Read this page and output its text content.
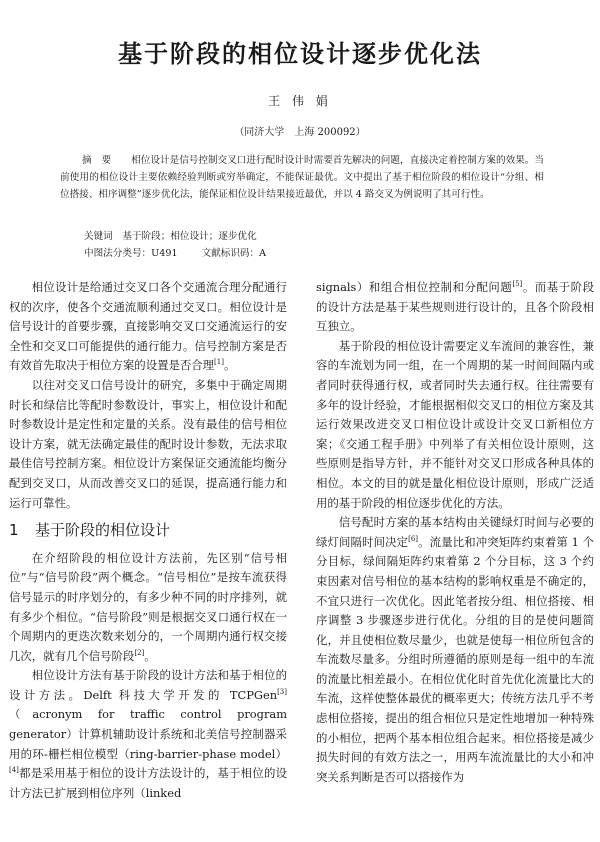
基于阶段的相位设计逐步优化法
王 伟 娟
（同济大学　上海 200092）
摘要 相位设计是信号控制交叉口进行配时设计时需要首先解决的问题，直接决定着控制方案的效果。当前使用的相位设计主要依赖经验判断或穷举确定，不能保证最优。文中提出了基于相位阶段的相位设计“分组、相位搭接、相序调整”逐步优化法，能保证相位设计结果接近最优，并以 4 路交叉为例说明了其可行性。
关键词　基于阶段；相位设计；逐步优化
中图法分类号：U491	文献标识码：A

相位设计是给通过交叉口各个交通流合理分配通行权的次序，使各个交通流顺利通过交叉口。相位设计是信号设计的首要步骤，直接影响交叉口交通流运行的安全性和交叉口可能提供的通行能力。信号控制方案是否有效首先取决于相位方案的设置是否合理[1]。

以往对交叉口信号设计的研究，多集中于确定周期时长和绿信比等配时参数设计，事实上，相位设计和配时参数设计是定性和定量的关系。没有最佳的信号相位设计方案，就无法确定最佳的配时设计参数，无法求取最佳信号控制方案。相位设计方案保证交通流能均衡分配到交叉口，从而改善交叉口的延误，提高通行能力和运行可靠性。

1 基于阶段的相位设计

在介绍阶段的相位设计方法前，先区别“信号相位”与“信号阶段”两个概念。“信号相位”是按车流获得信号显示的时序划分的，有多少种不同的时序排列，就有多少个相位。“信号阶段”则是根据交叉口通行权在一个周期内的更迭次数来划分的，一个周期内通行权交接几次，就有几个信号阶段[2]。

相位设计方法有基于阶段的设计方法和基于相位的设计方法。Delft 科技大学开发的 TCPGen[3]（acronym for traffic control program generator）计算机辅助设计系统和北美信号控制器采用的环-栅栏相位模型（ring-barrier-phase model）[4]都是采用基于相位的设计方法设计的，基于相位的设计方法已扩展到相位序列（linked

signals）和组合相位控制和分配问题[5]。而基于阶段的设计方法是基于某些规则进行设计的，且各个阶段相互独立。

基于阶段的相位设计需要定义车流间的兼容性，兼容的车流划为同一组，在一个周期的某一时间间隔内或者同时获得通行权，或者同时失去通行权。往往需要有多年的设计经验，才能根据相似交叉口的相位方案及其运行效果改进交叉口相位设计或设计交叉口新相位方案；《交通工程手册》中列举了有关相位设计原则，这些原则是指导方针，并不能针对交叉口形成各种具体的相位。本文的目的就是量化相位设计原则，形成广泛适用的基于阶段的相位逐步优化的方法。

信号配时方案的基本结构由关键绿灯时间与必要的绿灯间隔时间决定[6]。流量比和冲突矩阵约束着第 1 个分目标，绿间隔矩阵约束着第 2 个分目标，这 3 个约束因素对信号相位的基本结构的影响权重是不确定的，不宜只进行一次优化。因此笔者按分组、相位搭接、相序调整 3 步骤逐步进行优化。分组的目的是使问题简化，并且使相位数尽量少，也就是使每一相位所包含的车流数尽量多。分组时所遵循的原则是每一组中的车流的流量比相差最小。在相位优化时首先优化流量比大的车流，这样使整体最优的概率更大；传统方法几乎不考虑相位搭接，提出的组合相位只是定性地增加一种特殊的小相位，把两个基本相位组合起来。相位搭接是减少损失时间的有效方法之一，用两车流流量比的大小和冲突关系判断是否可以搭接作为
